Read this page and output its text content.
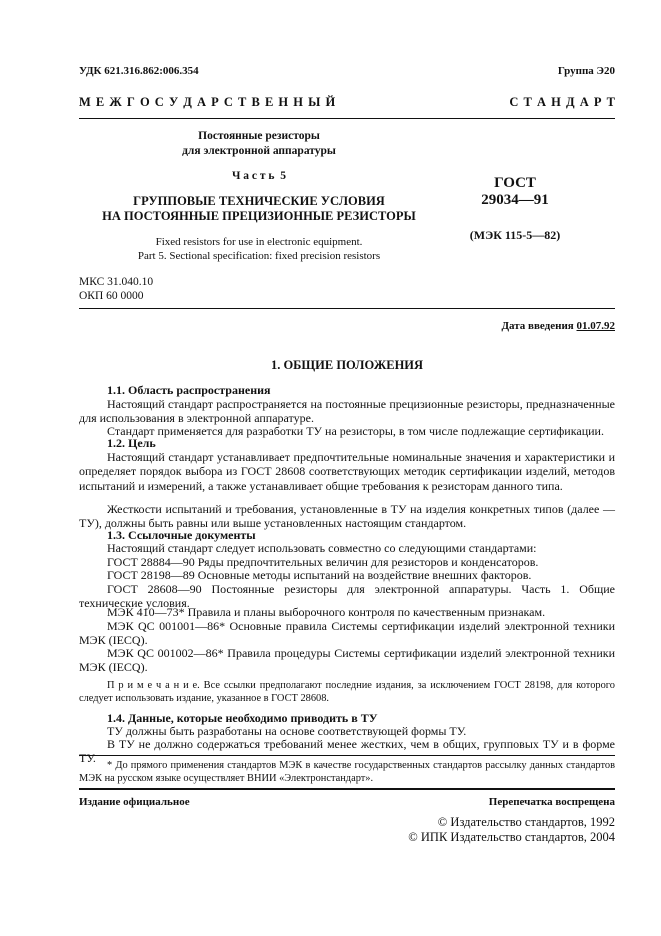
УДК 621.316.862:006.354	Группа Э20
М Е Ж Г О С У Д А Р С Т В Е Н Н Ы Й	С Т А Н Д А Р Т
Постоянные резисторы
для электронной аппаратуры
Ч а с т ь  5
ГРУППОВЫЕ ТЕХНИЧЕСКИЕ УСЛОВИЯ
НА ПОСТОЯННЫЕ ПРЕЦИЗИОННЫЕ РЕЗИСТОРЫ
Fixed resistors for use in electronic equipment.
Part 5. Sectional specification: fixed precision resistors
ГОСТ
29034—91
(МЭК 115-5—82)
МКС 31.040.10
ОКП 60 0000
Дата введения 01.07.92
1. ОБЩИЕ ПОЛОЖЕНИЯ
1.1. Область распространения
Настоящий стандарт распространяется на постоянные прецизионные резисторы, предназначенные для использования в электронной аппаратуре.
Стандарт применяется для разработки ТУ на резисторы, в том числе подлежащие сертификации.
1.2. Цель
Настоящий стандарт устанавливает предпочтительные номинальные значения и характеристики и определяет порядок выбора из ГОСТ 28608 соответствующих методик сертификации изделий, методов испытаний и измерений, а также устанавливает общие требования к резисторам данного типа.
Жесткости испытаний и требования, установленные в ТУ на изделия конкретных типов (далее — ТУ), должны быть равны или выше установленных настоящим стандартом.
1.3. Ссылочные документы
Настоящий стандарт следует использовать совместно со следующими стандартами:
ГОСТ 28884—90 Ряды предпочтительных величин для резисторов и конденсаторов.
ГОСТ 28198—89 Основные методы испытаний на воздействие внешних факторов.
ГОСТ 28608—90 Постоянные резисторы для электронной аппаратуры. Часть 1. Общие технические условия.
МЭК 410—73* Правила и планы выборочного контроля по качественным признакам.
МЭК QC 001001—86* Основные правила Системы сертификации изделий электронной техники МЭК (IECQ).
МЭК QC 001002—86* Правила процедуры Системы сертификации изделий электронной техники МЭК (IECQ).
П р и м е ч а н и е. Все ссылки предполагают последние издания, за исключением ГОСТ 28198, для которого следует использовать издание, указанное в ГОСТ 28608.
1.4. Данные, которые необходимо приводить в ТУ
ТУ должны быть разработаны на основе соответствующей формы ТУ.
В ТУ не должно содержаться требований менее жестких, чем в общих, групповых ТУ и в форме ТУ.
* До прямого применения стандартов МЭК в качестве государственных стандартов рассылку данных стандартов МЭК на русском языке осуществляет ВНИИ «Электронстандарт».
Издание официальное	Перепечатка воспрещена
© Издательство стандартов, 1992
© ИПК Издательство стандартов, 2004
